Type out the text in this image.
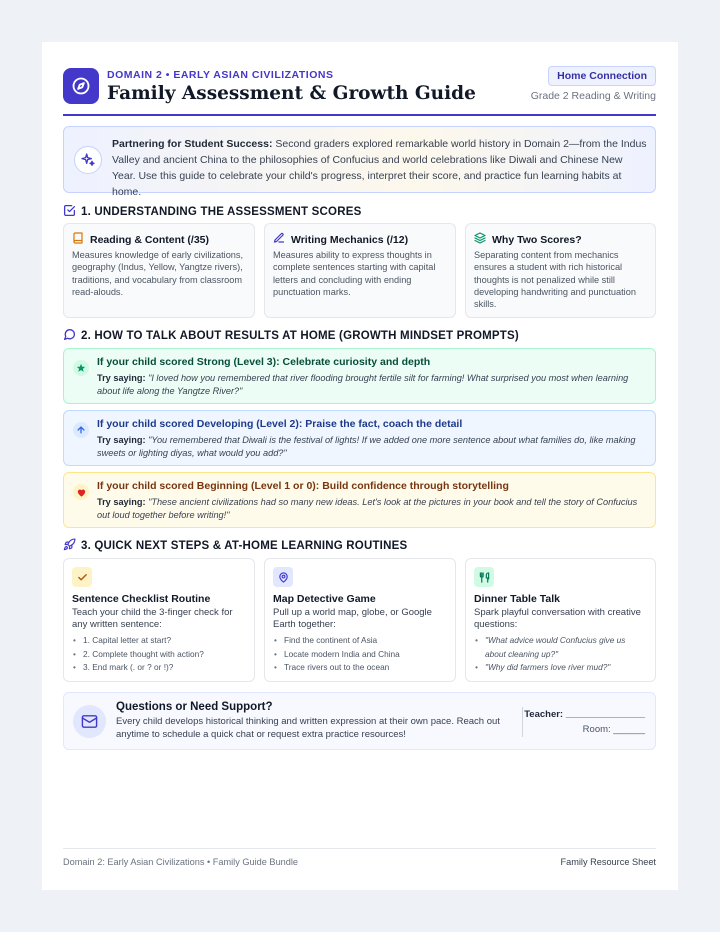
DOMAIN 2 • EARLY ASIAN CIVILIZATIONS
Family Assessment & Growth Guide
Home Connection
Grade 2 Reading & Writing
Partnering for Student Success: Second graders explored remarkable world history in Domain 2—from the Indus Valley and ancient China to the philosophies of Confucius and world celebrations like Diwali and Chinese New Year. Use this guide to celebrate your child's progress, interpret their score, and practice fun learning habits at home.
1. UNDERSTANDING THE ASSESSMENT SCORES
Reading & Content (/35)
Measures knowledge of early civilizations, geography (Indus, Yellow, Yangtze rivers), traditions, and vocabulary from classroom read-alouds.
Writing Mechanics (/12)
Measures ability to express thoughts in complete sentences starting with capital letters and concluding with ending punctuation marks.
Why Two Scores?
Separating content from mechanics ensures a student with rich historical thoughts is not penalized while still developing handwriting and punctuation skills.
2. HOW TO TALK ABOUT RESULTS AT HOME (GROWTH MINDSET PROMPTS)
If your child scored Strong (Level 3): Celebrate curiosity and depth
Try saying: "I loved how you remembered that river flooding brought fertile silt for farming! What surprised you most when learning about life along the Yangtze River?"
If your child scored Developing (Level 2): Praise the fact, coach the detail
Try saying: "You remembered that Diwali is the festival of lights! If we added one more sentence about what families do, like making sweets or lighting diyas, what would you add?"
If your child scored Beginning (Level 1 or 0): Build confidence through storytelling
Try saying: "These ancient civilizations had so many new ideas. Let's look at the pictures in your book and tell the story of Confucius out loud together before writing!"
3. QUICK NEXT STEPS & AT-HOME LEARNING ROUTINES
Sentence Checklist Routine
Teach your child the 3-finger check for any written sentence:
• 1. Capital letter at start?
• 2. Complete thought with action?
• 3. End mark (. or ? or !)?
Map Detective Game
Pull up a world map, globe, or Google Earth together:
• Find the continent of Asia
• Locate modern India and China
• Trace rivers out to the ocean
Dinner Table Talk
Spark playful conversation with creative questions:
• "What advice would Confucius give us about cleaning up?"
• "Why did farmers love river mud?"
Questions or Need Support?
Every child develops historical thinking and written expression at their own pace. Reach out anytime to schedule a quick chat or request extra practice resources!
Teacher: _______________
Room: ______
Domain 2: Early Asian Civilizations • Family Guide Bundle	Family Resource Sheet
